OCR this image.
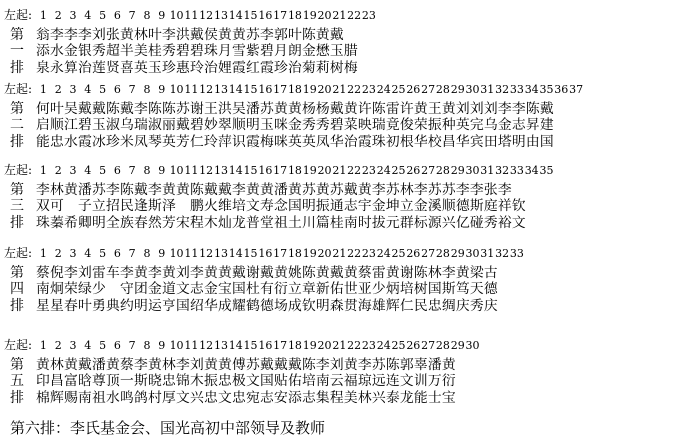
左起: 1 2 3 4 5 6 7 8 9 1011121314151617181920212223
第 翁李李李刘张黄林叶李洪戴侯黄黄苏李郭叶陈黄戴
一 添水金银秀超半美桂秀碧碧珠月雪紫碧月朗金懋玉腊
排 泉永算治莲贤喜英玉珍惠玲治娌霞红霞珍治菊莉树梅
左起: 1 2 3 4 5 6 7 8 9 10111213141516171819202122232425262728293031323334353637
第 何叶吴戴戴陈戴李陈陈苏谢王洪吴潘苏黄黄杨杨戴黄许陈雷许黄王黄刘刘刘李李陈戴
二 启顺江碧玉淑乌瑞淑丽戴碧妙翠顺明玉咪金秀秀碧菜映瑞竟俊荣振种英完乌金志昇建
排 能忠水霞冰珍米凤琴英芳仁玲萍识霞梅咪英英凤华治霞珠初根华校昌华宾田塔明由国
左起: 1 2 3 4 5 6 7 8 9 1011121314151617181920212223242526272829303132333435
第 李林黄潘苏李陈戴李黄黄陈戴戴李黄黄潘黄苏黄苏戴黄李苏林李苏苏李李张李
三 双可　子立招民逢斯泽　鹏火维培文寿念国明振通志宇金坤立金溪顺德斯庭祥钦
排 珠蓁希卿明全族春然芳宋程木灿龙普堂祖土川篇桂南时拔元群标源兴亿碰秀裕文
左起: 1 2 3 4 5 6 7 8 9 101112131415161718192021222324252627282930313233
第 蔡倪李刘雷车李黄李黄刘李黄黄戴谢戴黄姚陈黄戴黄蔡雷黄谢陈林李黄梁古
四 南炯荣绿少　守团金道文志金宝国杜有衍立章新佑世亚少炳培树国斯笃天德
排 星星春叶勇典约明运亨国绍华成耀鹤德场成钦明森贯海雄辉仁民忠绸庆秀庆
左起: 1 2 3 4 5 6 7 8 9 101112131415161718192021222324252627282930
第 黄林黄戴潘黄蔡李黄林李刘黄黄傅苏戴戴戴陈李刘黄李苏陈郭辜潘黄
五 印昌富晗尊顶一斯晓忠锦木振忠极文国贴佑培南云福琼远连文训万衍
排 棉辉赐南祖水鸣鸽村厚文兴忠文忠宛志安添志集程美林兴泰龙能士宝
第六排：李氏基金会、国光高初中部领导及教师
